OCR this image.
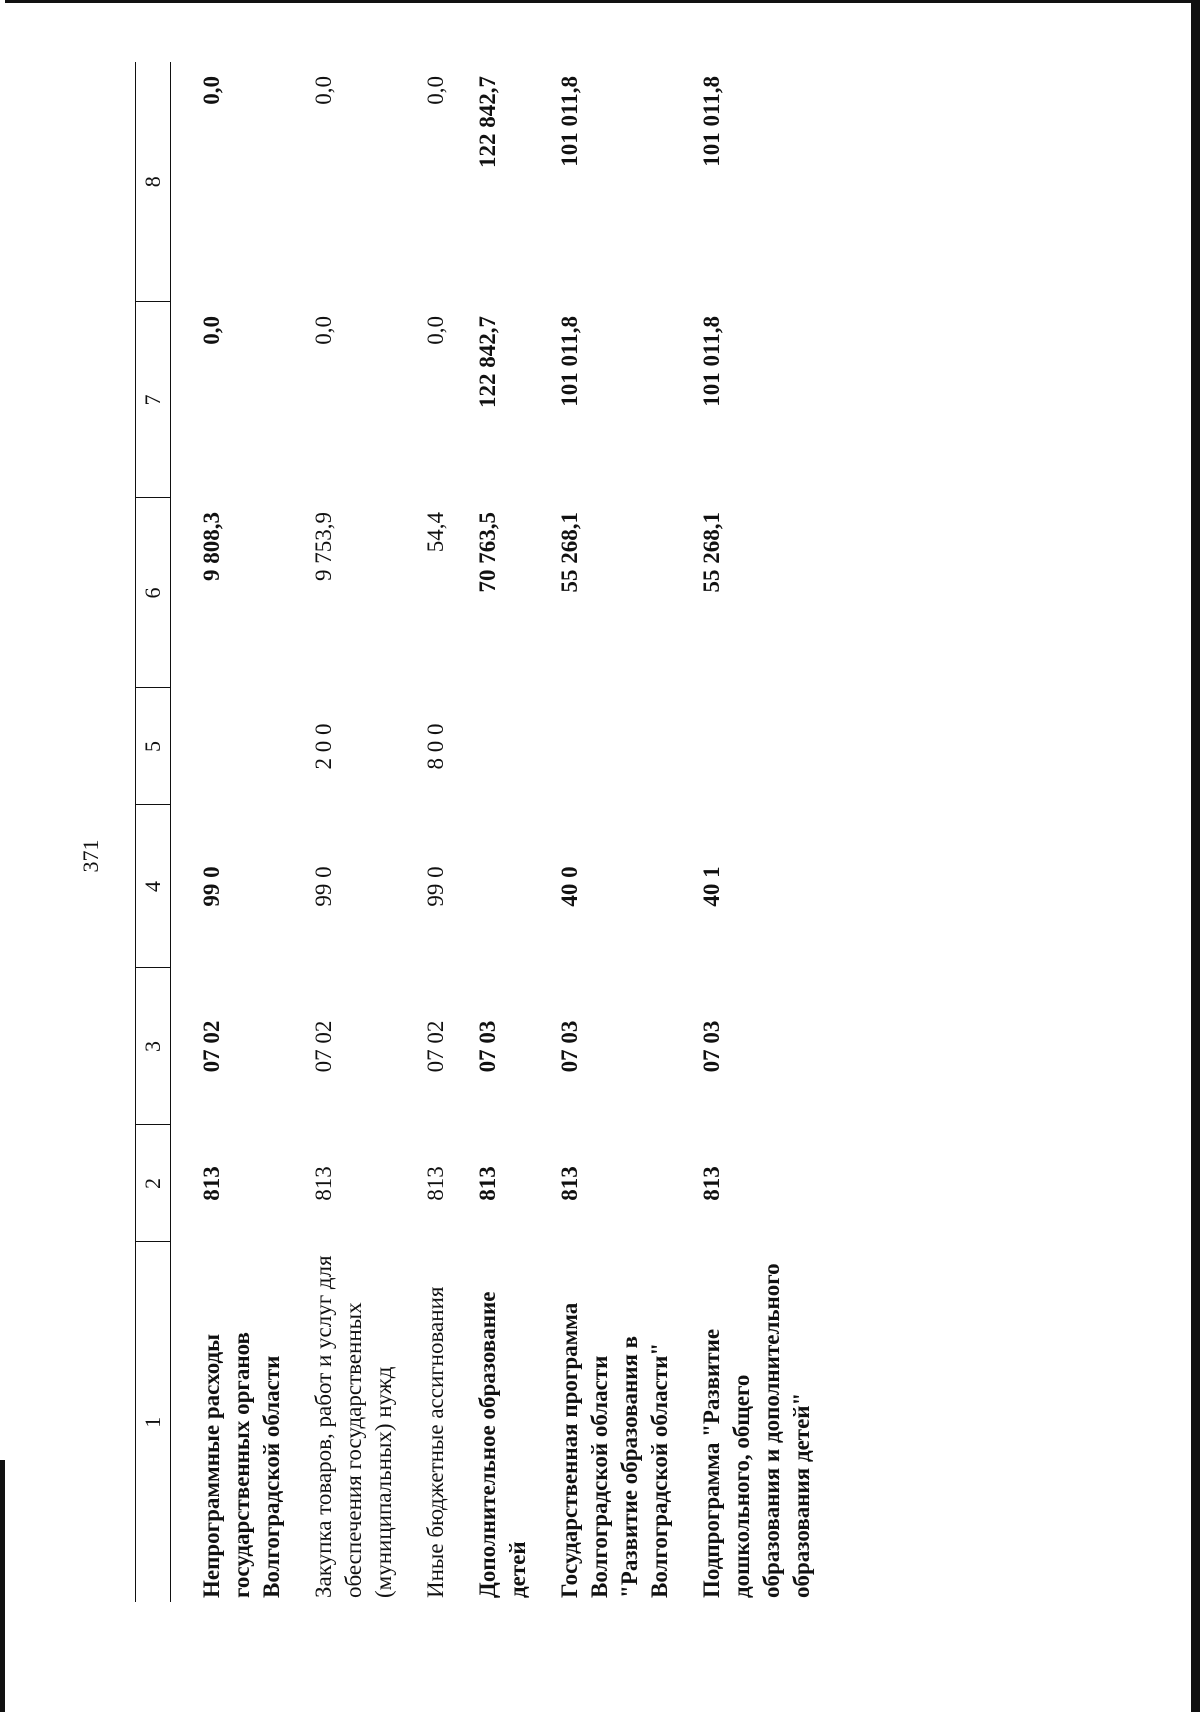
371
1	2	3	4	5	6	7	8
Непрограммные расходы государственных органов Волгоградской области	813	07 02	99 0		9 808,3	0,0	0,0
Закупка товаров, работ и услуг для обеспечения государственных (муниципальных) нужд	813	07 02	99 0	2 0 0	9 753,9	0,0	0,0
Иные бюджетные ассигнования	813	07 02	99 0	8 0 0	54,4	0,0	0,0
Дополнительное образование детей	813	07 03			70 763,5	122 842,7	122 842,7
Государственная программа Волгоградской области "Развитие образования в Волгоградской области"	813	07 03	40 0		55 268,1	101 011,8	101 011,8
Подпрограмма "Развитие дошкольного, общего образования и дополнительного образования детей"	813	07 03	40 1		55 268,1	101 011,8	101 011,8
